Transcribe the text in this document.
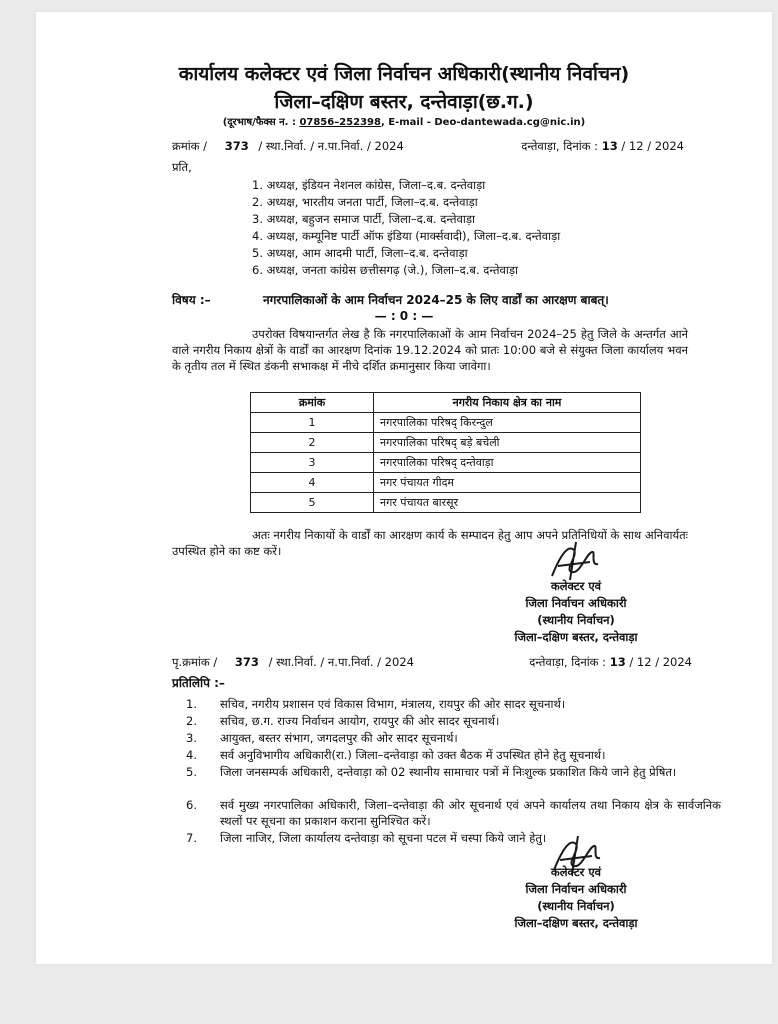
कार्यालय कलेक्टर एवं जिला निर्वाचन अधिकारी(स्थानीय निर्वाचन)
जिला–दक्षिण बस्तर, दन्तेवाड़ा(छ.ग.)
(दूरभाष/फैक्स न. : 07856–252398, E-mail - Deo-dantewada.cg@nic.in)
क्रमांक / 373 / स्था.निर्वा. / न.पा.निर्वा. / 2024	दन्तेवाड़ा, दिनांक : 13 / 12 / 2024
प्रति,
1. अध्यक्ष, इंडियन नेशनल कांग्रेस, जिला–द.ब. दन्तेवाड़ा
2. अध्यक्ष, भारतीय जनता पार्टी, जिला–द.ब. दन्तेवाड़ा
3. अध्यक्ष, बहुजन समाज पार्टी, जिला–द.ब. दन्तेवाड़ा
4. अध्यक्ष, कम्यूनिष्ट पार्टी ऑफ इंडिया (मार्क्सवादी), जिला–द.ब. दन्तेवाड़ा
5. अध्यक्ष, आम आदमी पार्टी, जिला–द.ब. दन्तेवाड़ा
6. अध्यक्ष, जनता कांग्रेस छत्तीसगढ़ (जे.), जिला–द.ब. दन्तेवाड़ा
विषय :–	नगरपालिकाओं के आम निर्वाचन 2024–25 के लिए वार्डों का आरक्षण बाबत्।
— : 0 : —
उपरोक्त विषयान्तर्गत लेख है कि नगरपालिकाओं के आम निर्वाचन 2024–25 हेतु जिले के अन्तर्गत आने वाले नगरीय निकाय क्षेत्रों के वार्डों का आरक्षण दिनांक 19.12.2024 को प्रातः 10:00 बजे से संयुक्त जिला कार्यालय भवन के तृतीय तल में स्थित डंकनी सभाकक्ष में नीचे दर्शित क्रमानुसार किया जावेगा।
क्रमांक	नगरीय निकाय क्षेत्र का नाम
1	नगरपालिका परिषद् किरन्दुल
2	नगरपालिका परिषद् बड़े बचेली
3	नगरपालिका परिषद् दन्तेवाड़ा
4	नगर पंचायत गीदम
5	नगर पंचायत बारसूर
अतः नगरीय निकायों के वार्डों का आरक्षण कार्य के सम्पादन हेतु आप अपने प्रतिनिधियों के साथ अनिवार्यतः उपस्थित होने का कष्ट करें।
कलेक्टर एवं
जिला निर्वाचन अधिकारी
(स्थानीय निर्वाचन)
जिला–दक्षिण बस्तर, दन्तेवाड़ा
पृ.क्रमांक / 373 / स्था.निर्वा. / न.पा.निर्वा. / 2024	दन्तेवाड़ा, दिनांक : 13 / 12 / 2024
प्रतिलिपि :–
1. सचिव, नगरीय प्रशासन एवं विकास विभाग, मंत्रालय, रायपुर की ओर सादर सूचनार्थ।
2. सचिव, छ.ग. राज्य निर्वाचन आयोग, रायपुर की ओर सादर सूचनार्थ।
3. आयुक्त, बस्तर संभाग, जगदलपुर की ओर सादर सूचनार्थ।
4. सर्व अनुविभागीय अधिकारी(रा.) जिला–दन्तेवाड़ा को उक्त बैठक में उपस्थित होने हेतु सूचनार्थ।
5. जिला जनसम्पर्क अधिकारी, दन्तेवाड़ा को 02 स्थानीय सामाचार पत्रों में निःशुल्क प्रकाशित किये जाने हेतु प्रेषित।
6. सर्व मुख्य नगरपालिका अधिकारी, जिला–दन्तेवाड़ा की ओर सूचनार्थ एवं अपने कार्यालय तथा निकाय क्षेत्र के सार्वजनिक स्थलों पर सूचना का प्रकाशन कराना सुनिश्चित करें।
7. जिला नाजिर, जिला कार्यालय दन्तेवाड़ा को सूचना पटल में चस्पा किये जाने हेतु।
कलेक्टर एवं
जिला निर्वाचन अधिकारी
(स्थानीय निर्वाचन)
जिला–दक्षिण बस्तर, दन्तेवाड़ा
